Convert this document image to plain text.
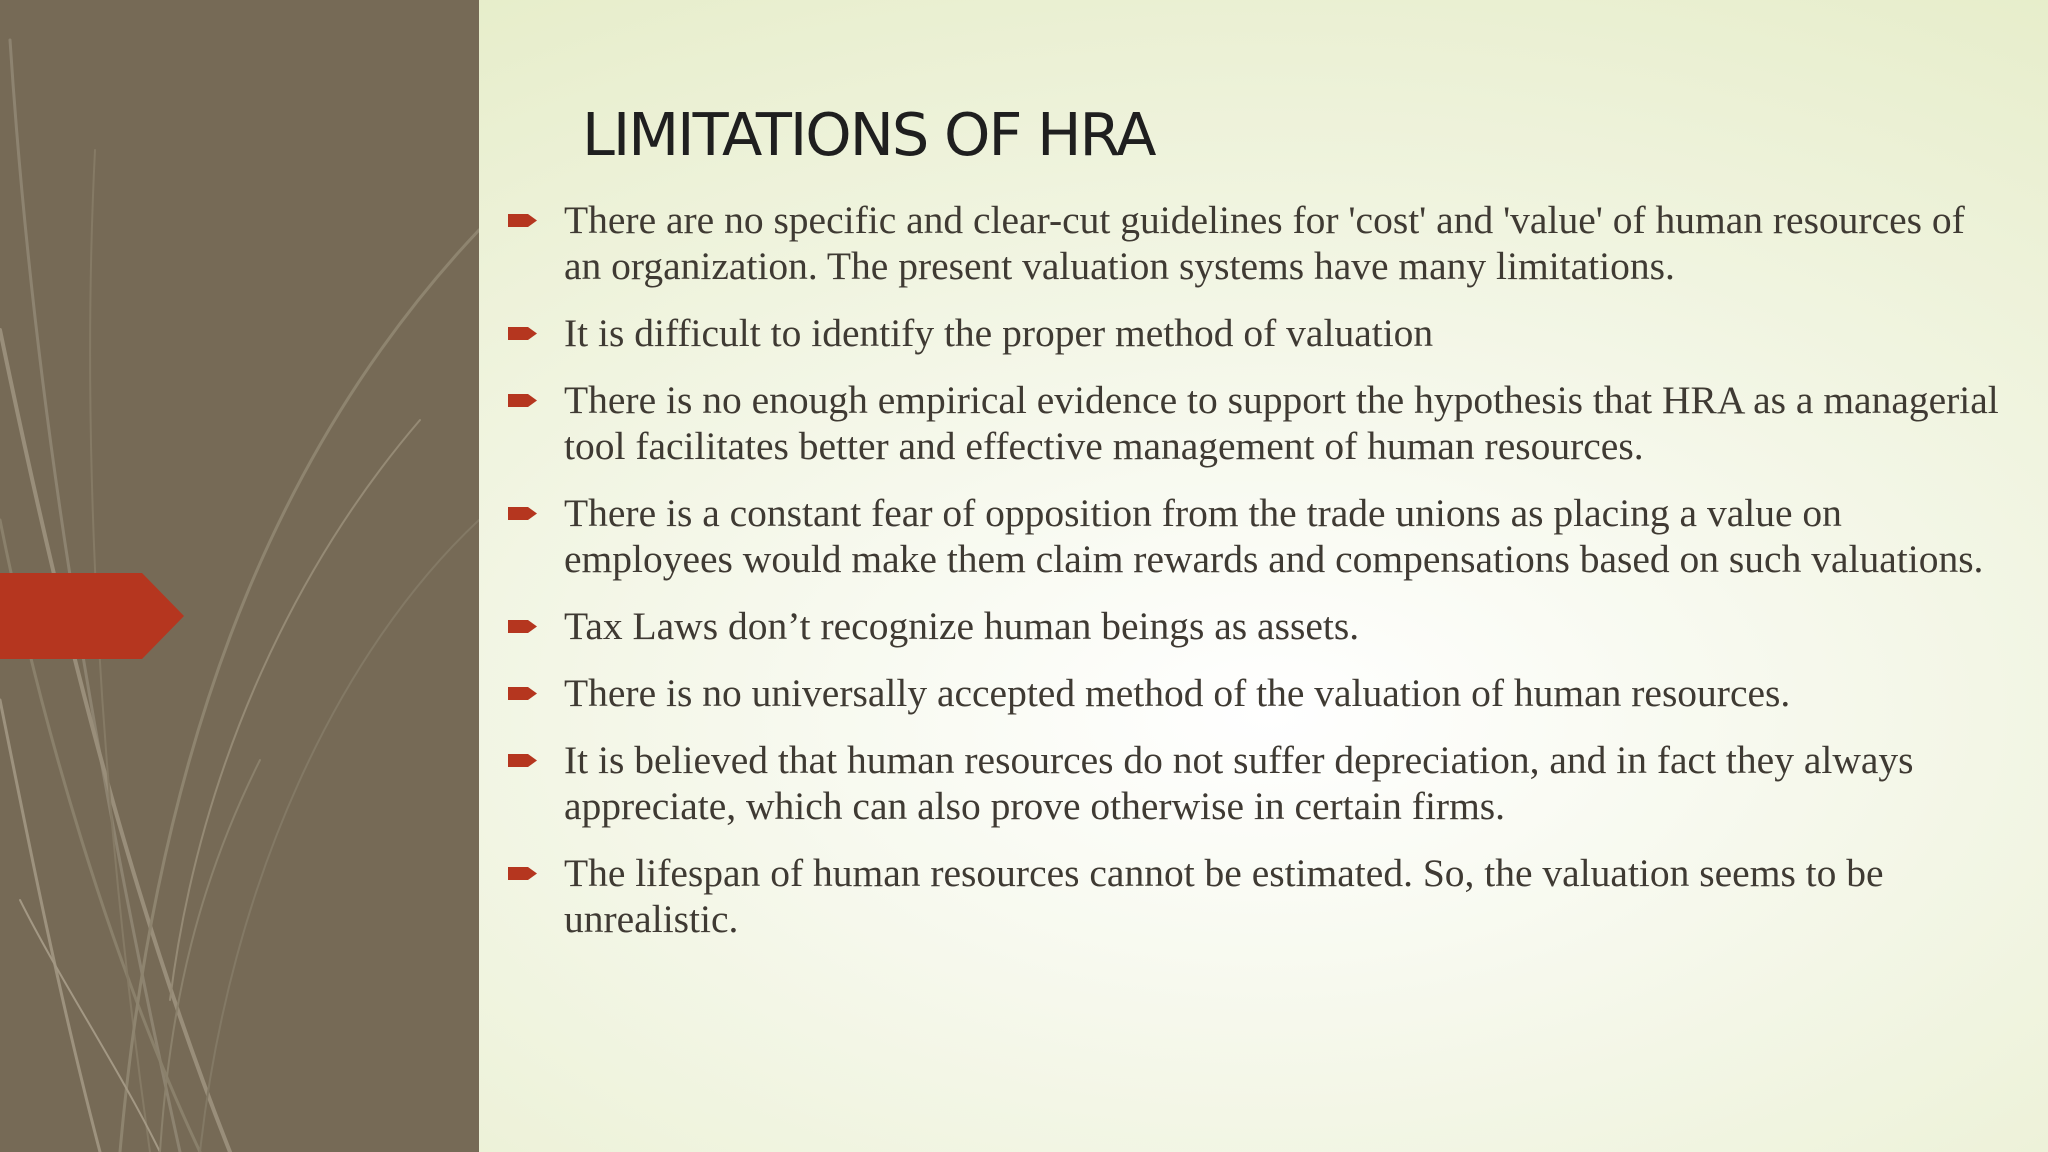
LIMITATIONS OF HRA
There are no specific and clear-cut guidelines for 'cost' and 'value' of human resources of an organization. The present valuation systems have many limitations.
It is difficult to identify the proper method of valuation
There is no enough empirical evidence to support the hypothesis that HRA as a managerial tool facilitates better and effective management of human resources.
There is a constant fear of opposition from the trade unions as placing a value on employees would make them claim rewards and compensations based on such valuations.
Tax Laws don’t recognize human beings as assets.
There is no universally accepted method of the valuation of human resources.
It is believed that human resources do not suffer depreciation, and in fact they always appreciate, which can also prove otherwise in certain firms.
The lifespan of human resources cannot be estimated. So, the valuation seems to be unrealistic.
